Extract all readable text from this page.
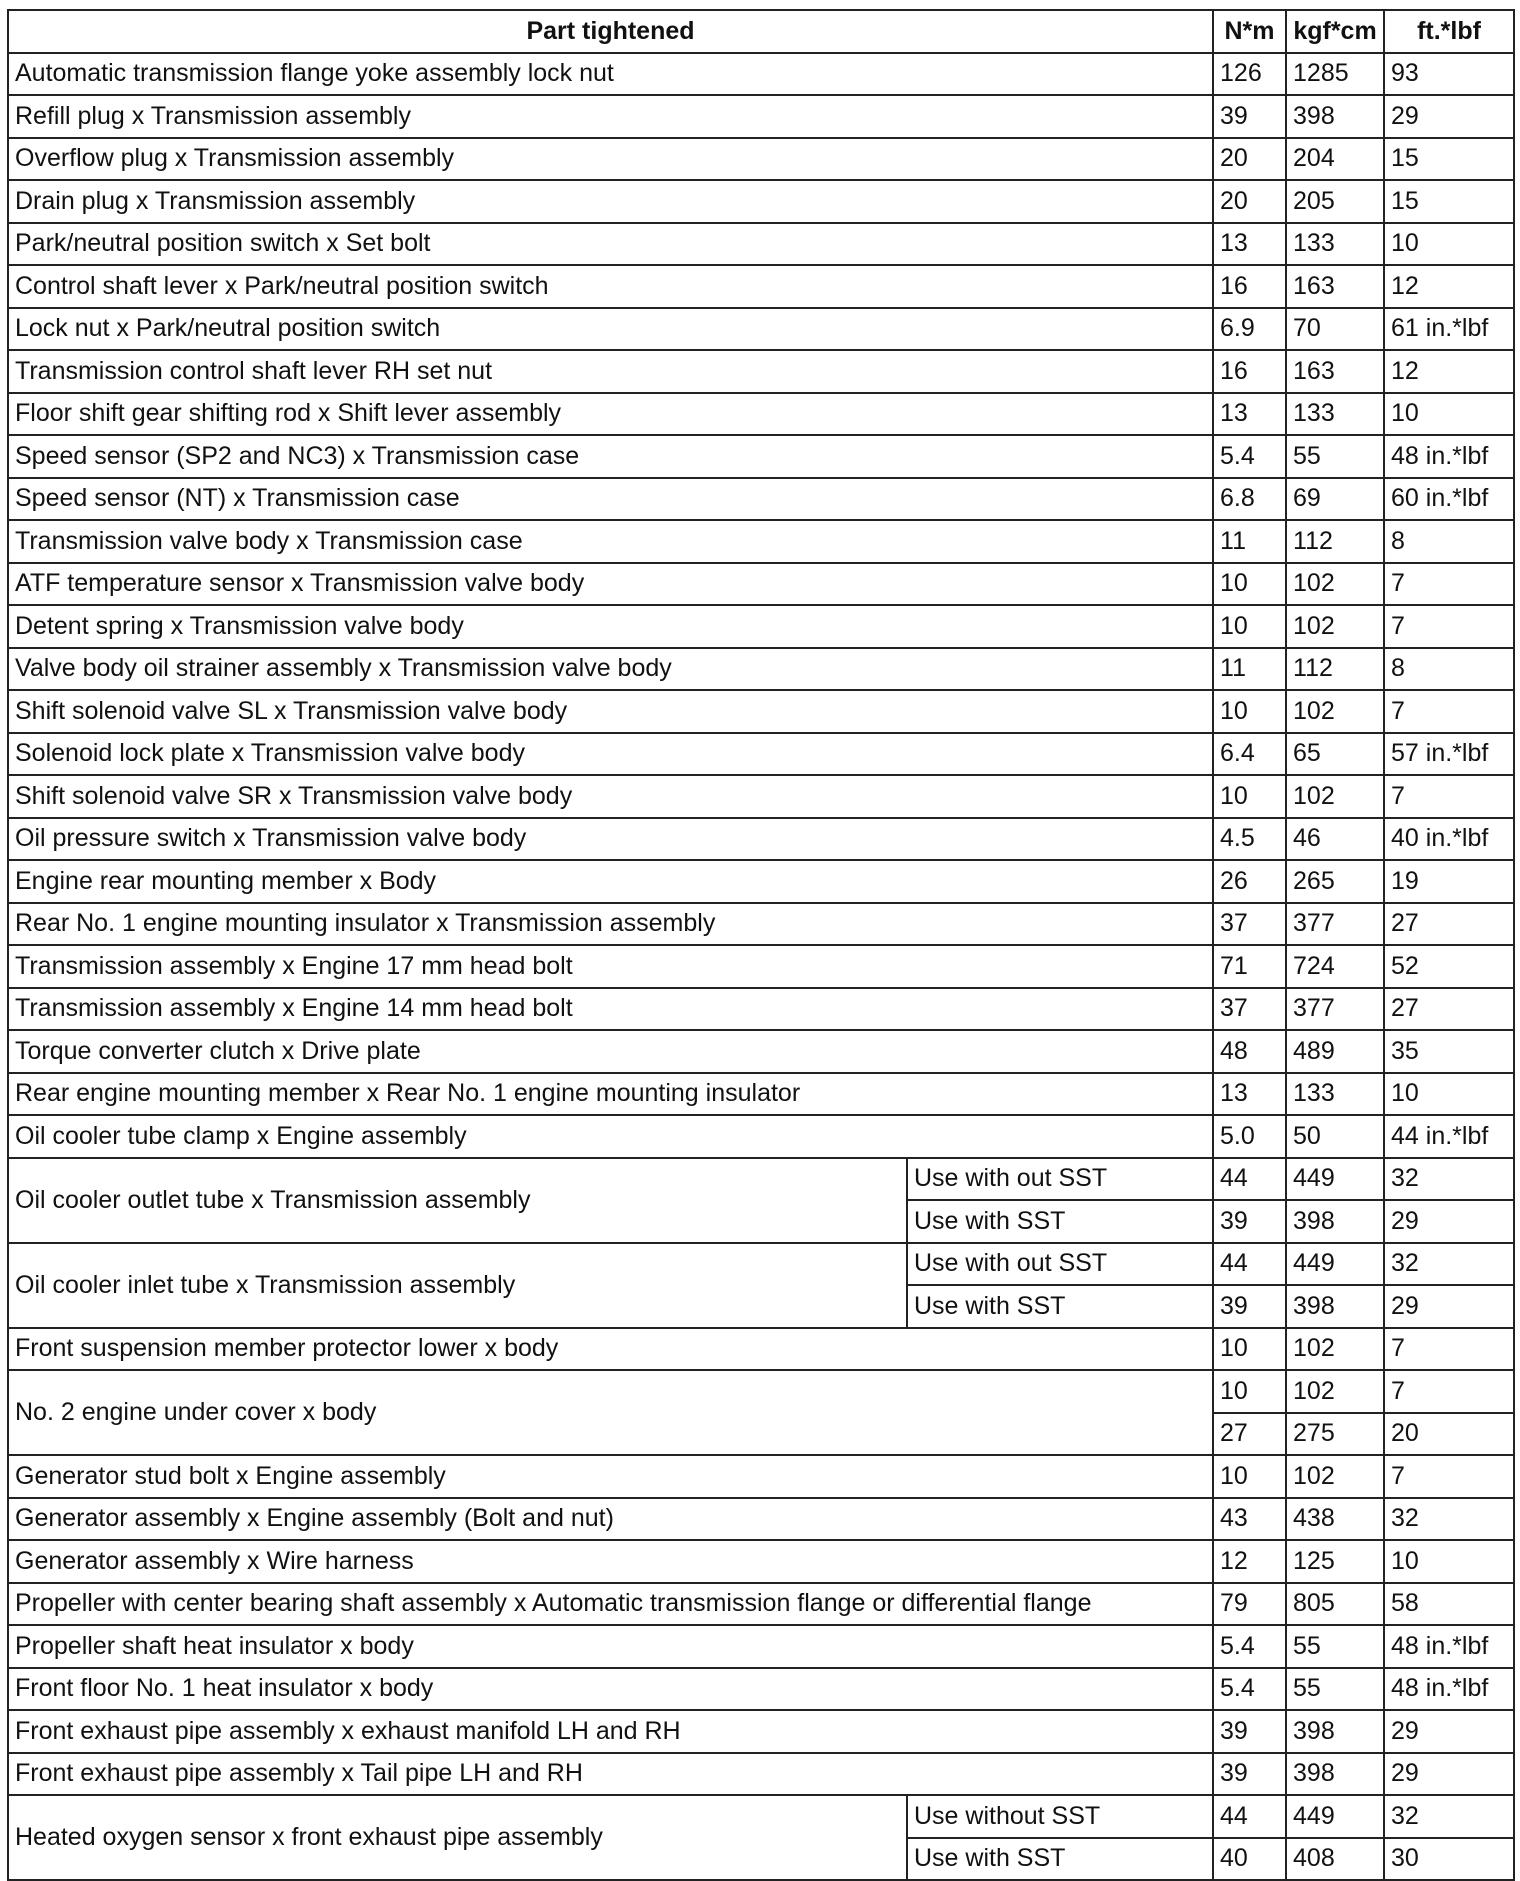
Part tightened		N*m	kgf*cm	ft.*lbf
Automatic transmission flange yoke assembly lock nut		126	1285	93
Refill plug x Transmission assembly		39	398	29
Overflow plug x Transmission assembly		20	204	15
Drain plug x Transmission assembly		20	205	15
Park/neutral position switch x Set bolt		13	133	10
Control shaft lever x Park/neutral position switch		16	163	12
Lock nut x Park/neutral position switch		6.9	70	61 in.*lbf
Transmission control shaft lever RH set nut		16	163	12
Floor shift gear shifting rod x Shift lever assembly		13	133	10
Speed sensor (SP2 and NC3) x Transmission case		5.4	55	48 in.*lbf
Speed sensor (NT) x Transmission case		6.8	69	60 in.*lbf
Transmission valve body x Transmission case		11	112	8
ATF temperature sensor x Transmission valve body		10	102	7
Detent spring x Transmission valve body		10	102	7
Valve body oil strainer assembly x Transmission valve body		11	112	8
Shift solenoid valve SL x Transmission valve body		10	102	7
Solenoid lock plate x Transmission valve body		6.4	65	57 in.*lbf
Shift solenoid valve SR x Transmission valve body		10	102	7
Oil pressure switch x Transmission valve body		4.5	46	40 in.*lbf
Engine rear mounting member x Body		26	265	19
Rear No. 1 engine mounting insulator x Transmission assembly		37	377	27
Transmission assembly x Engine 17 mm head bolt		71	724	52
Transmission assembly x Engine 14 mm head bolt		37	377	27
Torque converter clutch x Drive plate		48	489	35
Rear engine mounting member x Rear No. 1 engine mounting insulator		13	133	10
Oil cooler tube clamp x Engine assembly		5.0	50	44 in.*lbf
Oil cooler outlet tube x Transmission assembly	Use with out SST	44	449	32
	Use with SST	39	398	29
Oil cooler inlet tube x Transmission assembly	Use with out SST	44	449	32
	Use with SST	39	398	29
Front suspension member protector lower x body		10	102	7
No. 2 engine under cover x body		10	102	7
		27	275	20
Generator stud bolt x Engine assembly		10	102	7
Generator assembly x Engine assembly (Bolt and nut)		43	438	32
Generator assembly x Wire harness		12	125	10
Propeller with center bearing shaft assembly x Automatic transmission flange or differential flange		79	805	58
Propeller shaft heat insulator x body		5.4	55	48 in.*lbf
Front floor No. 1 heat insulator x body		5.4	55	48 in.*lbf
Front exhaust pipe assembly x exhaust manifold LH and RH		39	398	29
Front exhaust pipe assembly x Tail pipe LH and RH		39	398	29
Heated oxygen sensor x front exhaust pipe assembly	Use without SST	44	449	32
	Use with SST	40	408	30
